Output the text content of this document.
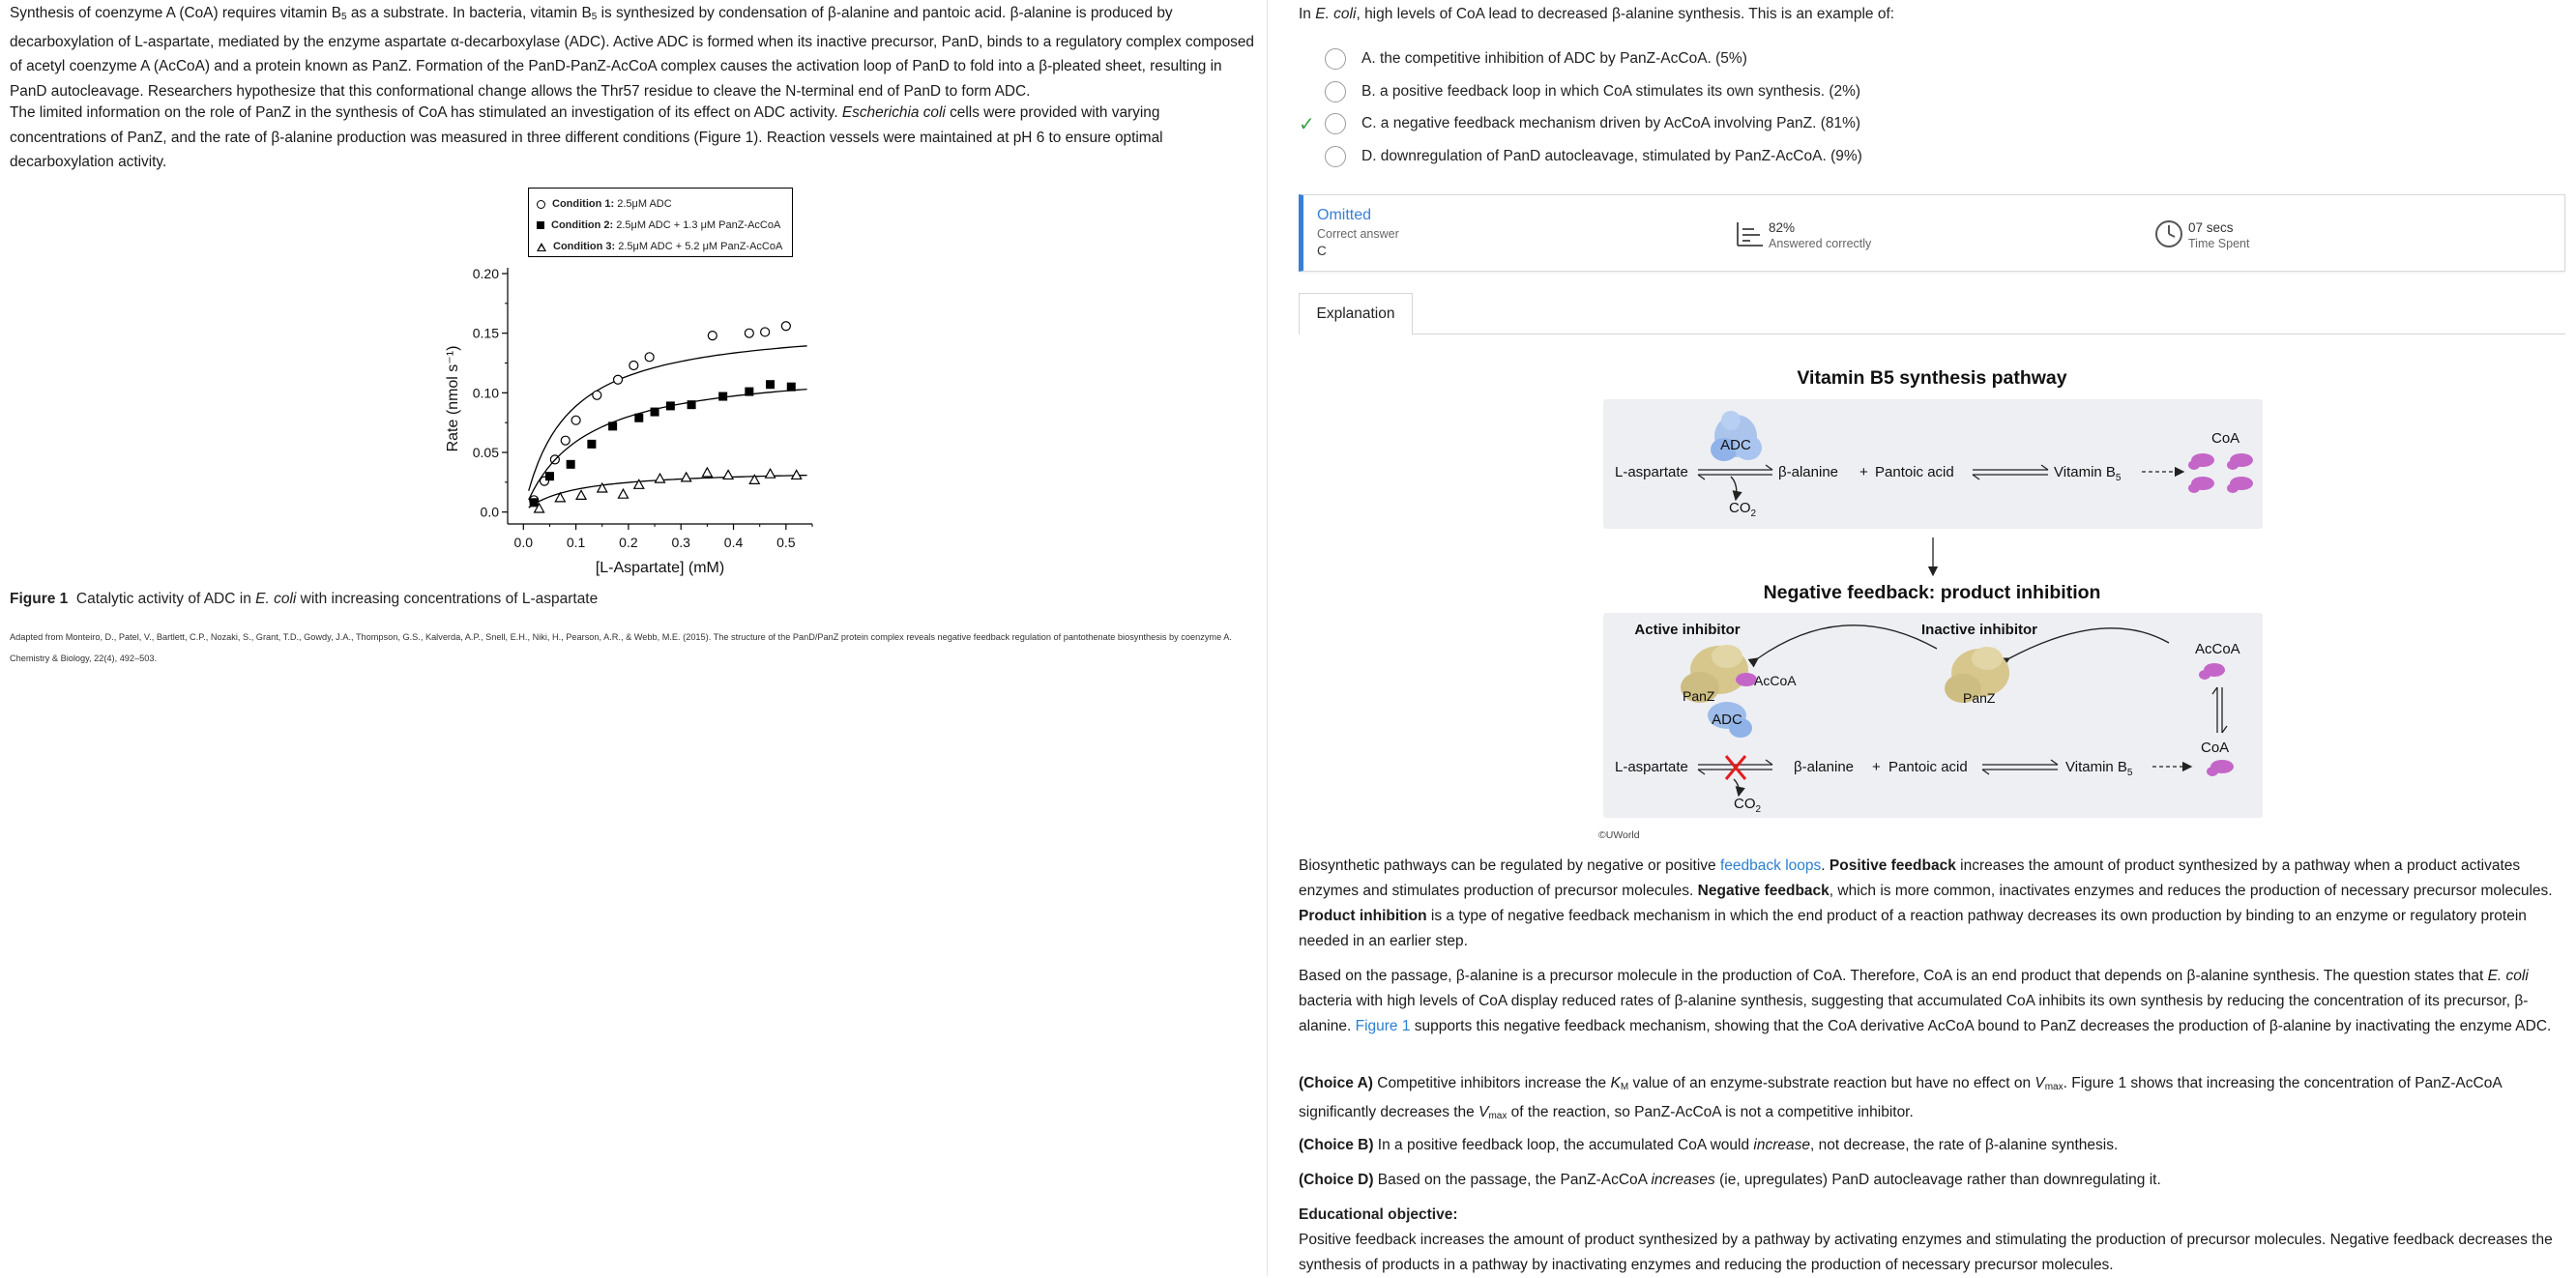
Synthesis of coenzyme A (CoA) requires vitamin $B_5$ as a substrate. In bacteria, vitamin $B_5$ is synthesized by condensation of β-alanine and pantoic acid. β-alanine is produced by decarboxylation of L-aspartate, mediated by the enzyme aspartate α-decarboxylase (ADC). Active ADC is formed when its inactive precursor, PanD, binds to a regulatory complex composed of acetyl coenzyme A (AcCoA) and a protein known as PanZ. Formation of the PanD-PanZ-AcCoA complex causes the activation loop of PanD to fold into a β-pleated sheet, resulting in PanD autocleavage. Researchers hypothesize that this conformational change allows the Thr57 residue to cleave the N-terminal end of PanD to form ADC.

The limited information on the role of PanZ in the synthesis of CoA has stimulated an investigation of its effect on ADC activity. Escherichia coli cells were provided with varying concentrations of PanZ, and the rate of β-alanine production was measured in three different conditions (Figure 1). Reaction vessels were maintained at pH 6 to ensure optimal decarboxylation activity.

Condition 1: 2.5μM ADC
Condition 2: 2.5μM ADC + 1.3 μM PanZ-AcCoA
Condition 3: 2.5μM ADC + 5.2 μM PanZ-AcCoA
0.0
0.05
0.10
0.15
0.20
0.0 0.1 0.2 0.3 0.4 0.5
[L-Aspartate] (mM)
Rate (nmol s⁻¹)
Figure 1 Catalytic activity of ADC in E. coli with increasing concentrations of L-aspartate
Adapted from Monteiro, D., Patel, V., Bartlett, C.P., Nozaki, S., Grant, T.D., Gowdy, J.A., Thompson, G.S., Kalverda, A.P., Snell, E.H., Niki, H., Pearson, A.R., & Webb, M.E. (2015). The structure of the PanD/PanZ protein complex reveals negative feedback regulation of pantothenate biosynthesis by coenzyme A. Chemistry & Biology, 22(4), 492–503.
In E. coli, high levels of CoA lead to decreased β-alanine synthesis. This is an example of:
A. the competitive inhibition of ADC by PanZ-AcCoA. (5%)
B. a positive feedback loop in which CoA stimulates its own synthesis. (2%)
✓	C. a negative feedback mechanism driven by AcCoA involving PanZ. (81%)
D. downregulation of PanD autocleavage, stimulated by PanZ-AcCoA. (9%)
Omitted
Correct answer
C
82%
Answered correctly
07 secs
Time Spent
Explanation
Vitamin B5 synthesis pathway
Negative feedback: product inhibition
ADC
L-aspartate
$CO_2$
β-alanine + Pantoic acid	Vitamin $B_5$
CoA
Active inhibitor	Inactive inhibitor
AcCoA
PanZ
ADC
PanZ
AcCoA
CoA
L-aspartate
$CO_2$
β-alanine + Pantoic acid	Vitamin $B_5$
©UWorld

Biosynthetic pathways can be regulated by negative or positive feedback loops. Positive feedback increases the amount of product synthesized by a pathway when a product activates enzymes and stimulates production of precursor molecules. Negative feedback, which is more common, inactivates enzymes and reduces the production of necessary precursor molecules. Product inhibition is a type of negative feedback mechanism in which the end product of a reaction pathway decreases its own production by binding to an enzyme or regulatory protein needed in an earlier step.

Based on the passage, β-alanine is a precursor molecule in the production of CoA. Therefore, CoA is an end product that depends on β-alanine synthesis. The question states that E. coli bacteria with high levels of CoA display reduced rates of β-alanine synthesis, suggesting that accumulated CoA inhibits its own synthesis by reducing the concentration of its precursor, β-alanine. Figure 1 supports this negative feedback mechanism, showing that the CoA derivative AcCoA bound to PanZ decreases the production of β-alanine by inactivating the enzyme ADC.

(Choice A) Competitive inhibitors increase the $K_M$ value of an enzyme-substrate reaction but have no effect on $V_{max}$. Figure 1 shows that increasing the concentration of PanZ-AcCoA significantly decreases the $V_{max}$ of the reaction, so PanZ-AcCoA is not a competitive inhibitor.

(Choice B) In a positive feedback loop, the accumulated CoA would increase, not decrease, the rate of β-alanine synthesis.

(Choice D) Based on the passage, the PanZ-AcCoA increases (ie, upregulates) PanD autocleavage rather than downregulating it.

Educational objective:

Positive feedback increases the amount of product synthesized by a pathway by activating enzymes and stimulating the production of precursor molecules. Negative feedback decreases the synthesis of products in a pathway by inactivating enzymes and reducing the production of necessary precursor molecules.
